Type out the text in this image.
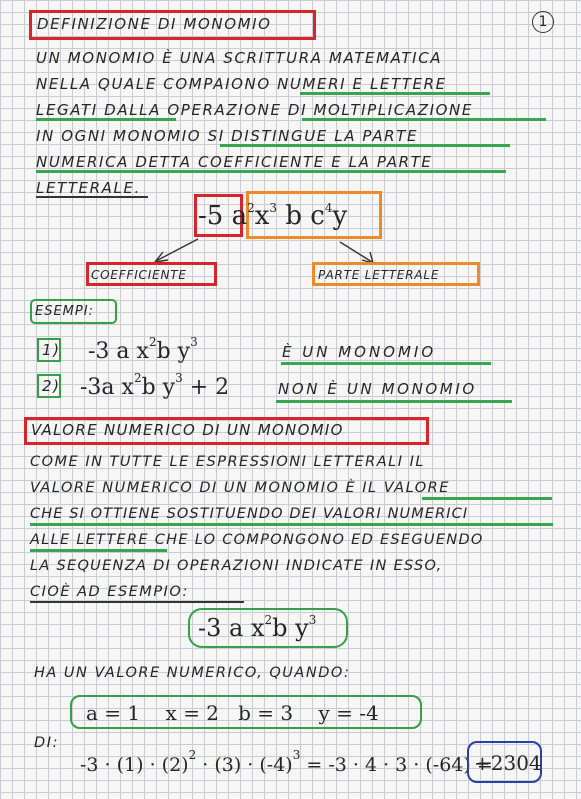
1
DEFINIZIONE DI MONOMIO
UN MONOMIO È UNA SCRITTURA MATEMATICA
NELLA QUALE COMPAIONO NUMERI E LETTERE
LEGATI DALLA OPERAZIONE DI MOLTIPLICAZIONE
IN OGNI MONOMIO SI DISTINGUE LA PARTE
NUMERICA DETTA COEFFICIENTE E LA PARTE
LETTERALE.
-5 $a^2x^3$ b $c^4y$
COEFFICIENTE	PARTE LETTERALE
ESEMPI:
1) -3 a $x^2b$ $y^3$
È UN MONOMIO
2) -3a $x^2b$ $y^3 + 2$	NON È UN MONOMIO
VALORE NUMERICO DI UN MONOMIO
COME IN TUTTE LE ESPRESSIONI LETTERALI IL
VALORE NUMERICO DI UN MONOMIO È IL VALORE
CHE SI OTTIENE SOSTITUENDO DEI VALORI NUMERICI
ALLE LETTERE CHE LO COMPONGONO ED ESEGUENDO
LA SEQUENZA DI OPERAZIONI INDICATE IN ESSO,
CIOÈ AD ESEMPIO:
-3 a $x^2b$ $y^3$
HA UN VALORE NUMERICO, QUANDO:
a = 1    x = 2   b = 3    y = -4
DI:
$-3 \cdot (1) \cdot (2)^2 \cdot (3) \cdot (-4)^3 = -3 \cdot 4 \cdot 3 \cdot (-64)$ =
+2304
